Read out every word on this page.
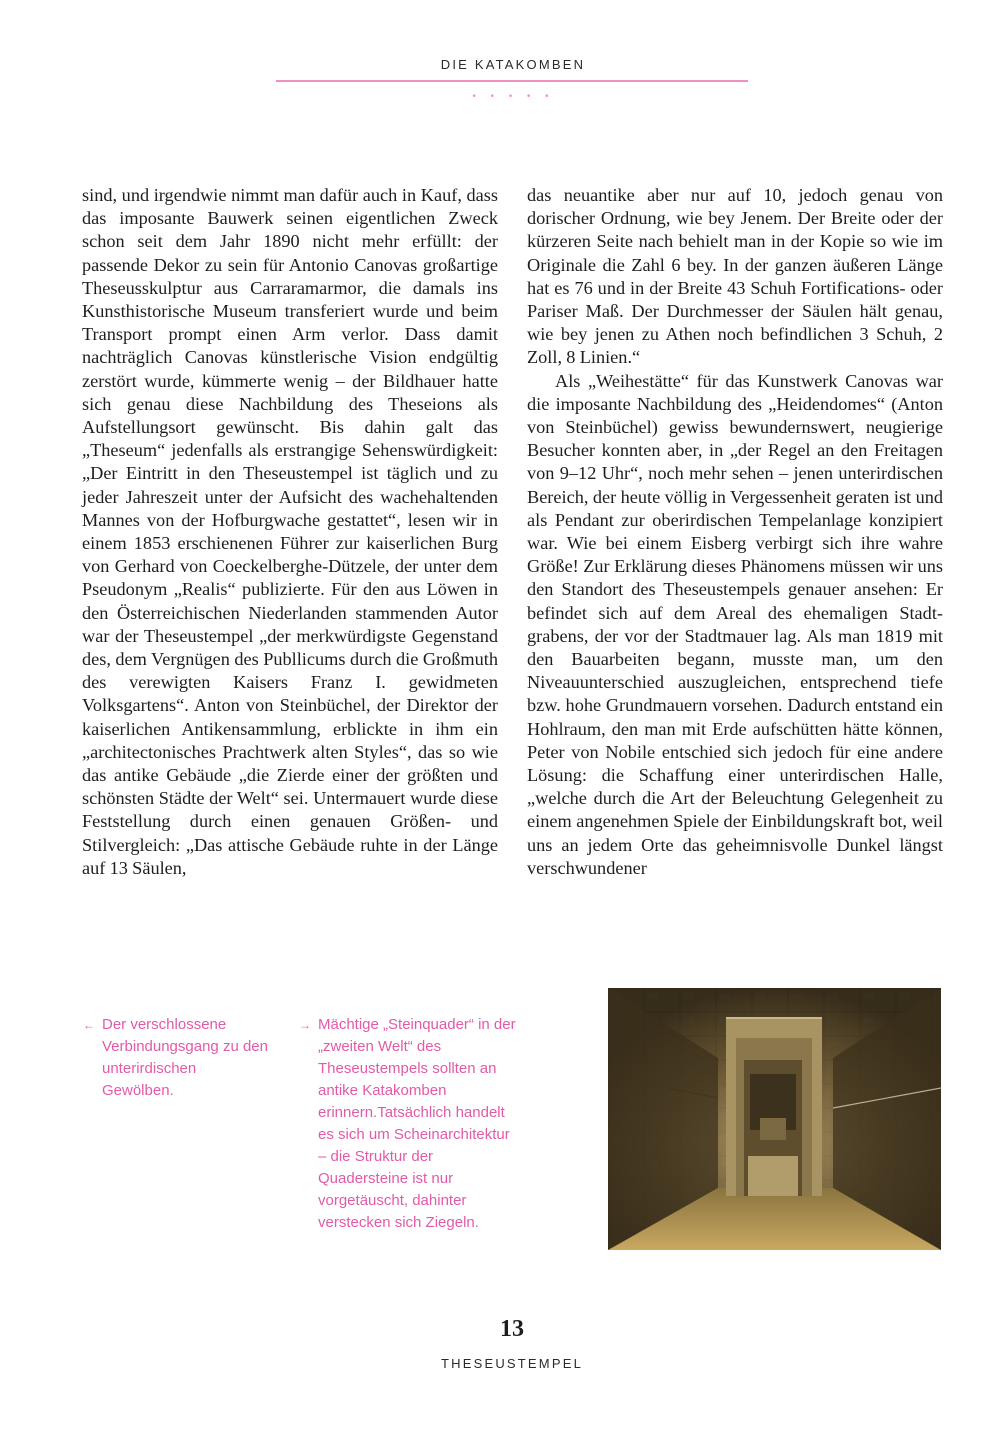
DIE KATAKOMBEN
• • • • •

sind, und irgendwie nimmt man dafür auch in Kauf, dass das imposante Bauwerk seinen eigentlichen Zweck schon seit dem Jahr 1890 nicht mehr erfüllt: der passende Dekor zu sein für Antonio Canovas großartige Theseusskulptur aus Carraramarmor, die damals ins Kunsthistorische Museum transferiert wurde und beim Transport prompt einen Arm verlor. Dass damit nachträglich Canovas künstlerische Vision endgültig zerstört wurde, kümmerte wenig – der Bildhauer hatte sich genau diese Nachbildung des Theseions als Aufstellungsort gewünscht. Bis dahin galt das „Theseum“ jedenfalls als erstrangige Sehenswürdigkeit: „Der Eintritt in den Theseustempel ist täglich und zu jeder Jahreszeit unter der Aufsicht des wachehaltenden Mannes von der Hofburgwache gestattet“, lesen wir in einem 1853 erschienenen Führer zur kaiserlichen Burg von Gerhard von Coeckelberghe-Dützele, der unter dem Pseudonym „Realis“ publizierte. Für den aus Löwen in den Österreichischen Niederlanden stammenden Autor war der Theseustempel „der merkwürdigste Gegenstand des, dem Vergnügen des Publlicums durch die Großmuth des verewigten Kaisers Franz I. gewidmeten Volksgartens“. Anton von Steinbüchel, der Direktor der kaiserlichen Antikensammlung, erblickte in ihm ein „architectonisches Prachtwerk alten Styles“, das so wie das antike Gebäude „die Zierde einer der größten und schönsten Städte der Welt“ sei. Untermauert wurde diese Feststellung durch einen genauen Größen- und Stilvergleich: „Das attische Gebäude ruhte in der Länge auf 13 Säulen,

das neuantike aber nur auf 10, jedoch genau von dorischer Ordnung, wie bey Jenem. Der Breite oder der kürzeren Seite nach behielt man in der Kopie so wie im Originale die Zahl 6 bey. In der ganzen äußeren Länge hat es 76 und in der Breite 43 Schuh Fortifications- oder Pariser Maß. Der Durchmesser der Säulen hält genau, wie bey jenen zu Athen noch befindlichen 3 Schuh, 2 Zoll, 8 Linien.“

Als „Weihestätte“ für das Kunstwerk Canovas war die imposante Nachbildung des „Heidendomes“ (Anton von Steinbüchel) gewiss bewundernswert, neugierige Besucher konnten aber, in „der Regel an den Freitagen von 9–12 Uhr“, noch mehr sehen – jenen unterirdischen Bereich, der heute völlig in Vergessenheit geraten ist und als Pendant zur oberirdischen Tempelanlage konzipiert war. Wie bei einem Eisberg verbirgt sich ihre wahre Größe! Zur Erklärung dieses Phänomens müssen wir uns den Standort des Theseustempels genauer ansehen: Er befindet sich auf dem Areal des ehemaligen Stadtgrabens, der vor der Stadtmauer lag. Als man 1819 mit den Bauarbeiten begann, musste man, um den Niveauunterschied auszugleichen, entsprechend tiefe bzw. hohe Grundmauern vorsehen. Dadurch entstand ein Hohlraum, den man mit Erde aufschütten hätte können, Peter von Nobile entschied sich jedoch für eine andere Lösung: die Schaffung einer unterirdischen Halle, „welche durch die Art der Beleuchtung Gelegenheit zu einem angenehmen Spiele der Einbildungskraft bot, weil uns an jedem Orte das geheimnisvolle Dunkel längst verschwundener

← Der verschlossene Verbindungsgang zu den unterirdischen Gewölben.
→ Mächtige „Steinquader“ in der „zweiten Welt“ des Theseustempels sollten an antike Katakomben erinnern.Tatsächlich handelt es sich um Scheinarchitektur – die Struktur der Quadersteine ist nur vorgetäuscht, dahinter verstecken sich Ziegeln.
13
THESEUSTEMPEL
